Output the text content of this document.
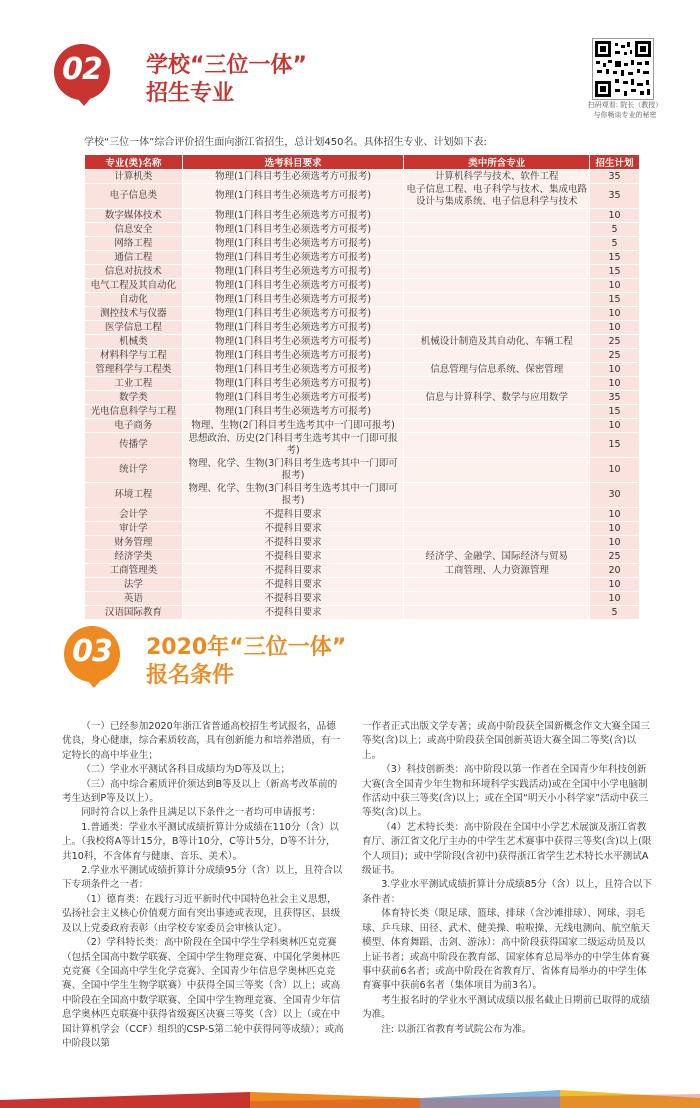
02	学校“三位一体”
招生专业	扫码观看: 院长（教授）
与你畅谈专业的秘密
学校“三位一体”综合评价招生面向浙江省招生，总计划450名。具体招生专业、计划如下表:
专业(类)名称	选考科目要求	类中所含专业	招生计划
计算机类	物理(1门科目考生必须选考方可报考)	计算机科学与技术、软件工程	35
电子信息类	物理(1门科目考生必须选考方可报考)	电子信息工程、电子科学与技术、集成电路设计与集成系统、电子信息科学与技术	35
数字媒体技术	物理(1门科目考生必须选考方可报考)		10
信息安全	物理(1门科目考生必须选考方可报考)		5
网络工程	物理(1门科目考生必须选考方可报考)		5
通信工程	物理(1门科目考生必须选考方可报考)		15
信息对抗技术	物理(1门科目考生必须选考方可报考)		15
电气工程及其自动化	物理(1门科目考生必须选考方可报考)		10
自动化	物理(1门科目考生必须选考方可报考)		15
测控技术与仪器	物理(1门科目考生必须选考方可报考)		10
医学信息工程	物理(1门科目考生必须选考方可报考)		10
机械类	物理(1门科目考生必须选考方可报考)	机械设计制造及其自动化、车辆工程	25
材料科学与工程	物理(1门科目考生必须选考方可报考)		25
管理科学与工程类	物理(1门科目考生必须选考方可报考)	信息管理与信息系统、保密管理	10
工业工程	物理(1门科目考生必须选考方可报考)		10
数学类	物理(1门科目考生必须选考方可报考)	信息与计算科学、数学与应用数学	35
光电信息科学与工程	物理(1门科目考生必须选考方可报考)		15
电子商务	物理、生物(2门科目考生选考其中一门即可报考)		10
传播学	思想政治、历史(2门科目考生选考其中一门即可报考)		15
统计学	物理、化学、生物(3门科目考生选考其中一门即可报考)		10
环境工程	物理、化学、生物(3门科目考生选考其中一门即可报考)		30
会计学	不提科目要求		10
审计学	不提科目要求		10
财务管理	不提科目要求		10
经济学类	不提科目要求	经济学、金融学、国际经济与贸易	25
工商管理类	不提科目要求	工商管理、人力资源管理	20
法学	不提科目要求		10
英语	不提科目要求		10
汉语国际教育	不提科目要求		5
03	2020年“三位一体”
报名条件

（一）已经参加2020年浙江省普通高校招生考试报名，品德优良，身心健康，综合素质较高，具有创新能力和培养潜质，有一定特长的高中毕业生；

（二）学业水平测试各科目成绩均为D等及以上；

（三）高中综合素质评价须达到B等及以上（新高考改革前的考生达到P等及以上）。

同时符合以上条件且满足以下条件之一者均可申请报考：

1.普通类：学业水平测试成绩折算计分成绩在110分（含）以上。（我校将A等计15分，B等计10分，C等计5分，D等不计分，共10科，不含体育与健康、音乐、美术）。

2.学业水平测试成绩折算计分成绩95分（含）以上，且符合以下专项条件之一者：

（1）德育类：在践行习近平新时代中国特色社会主义思想，弘扬社会主义核心价值观方面有突出事迹或表现，且获得区、县级及以上党委政府表彰（由学校专家委员会审核认定）。

（2）学科特长类：高中阶段在全国中学生学科奥林匹克竞赛（包括全国高中数学联赛、全国中学生物理竞赛、中国化学奥林匹克竞赛《全国高中学生化学竞赛》、全国青少年信息学奥林匹克竞赛、全国中学生生物学联赛）中获得全国三等奖（含）以上；或高中阶段在全国高中数学联赛、全国中学生物理竞赛、全国青少年信息学奥林匹克联赛中获得省级赛区决赛三等奖（含）以上（或在中国计算机学会（CCF）组织的CSP-S第二轮中获得同等成绩）；或高中阶段以第

一作者正式出版文学专著；或高中阶段获全国新概念作文大赛全国三等奖(含)以上；或高中阶段获全国创新英语大赛全国二等奖(含)以上。

（3）科技创新类：高中阶段以第一作者在全国青少年科技创新大赛(含全国青少年生物和环境科学实践活动)或在全国中小学电脑制作活动中获三等奖(含)以上；或在全国“明天小小科学家”活动中获三等奖(含)以上。

（4）艺术特长类：高中阶段在全国中小学艺术展演及浙江省教育厅、浙江省文化厅主办的中学生艺术赛事中获得三等奖(含)以上(限个人项目)；或中学阶段(含初中)获得浙江省学生艺术特长水平测试A级证书。

3.学业水平测试成绩折算计分成绩85分（含）以上，且符合以下条件者：

体育特长类（限足球、篮球、排球（含沙滩排球）、网球、羽毛球、乒乓球、田径、武术、健美操、啦啦操、无线电测向、航空航天模型、体育舞蹈、击剑、游泳）：高中阶段获得国家二级运动员及以上证书者；或高中阶段在教育部、国家体育总局举办的中学生体育赛事中获前6名者；或高中阶段在省教育厅、省体育局举办的中学生体育赛事中获前6名者（集体项目为前3名）。

考生报名时的学业水平测试成绩以报名截止日期前已取得的成绩为准。

注: 以浙江省教育考试院公布为准。
